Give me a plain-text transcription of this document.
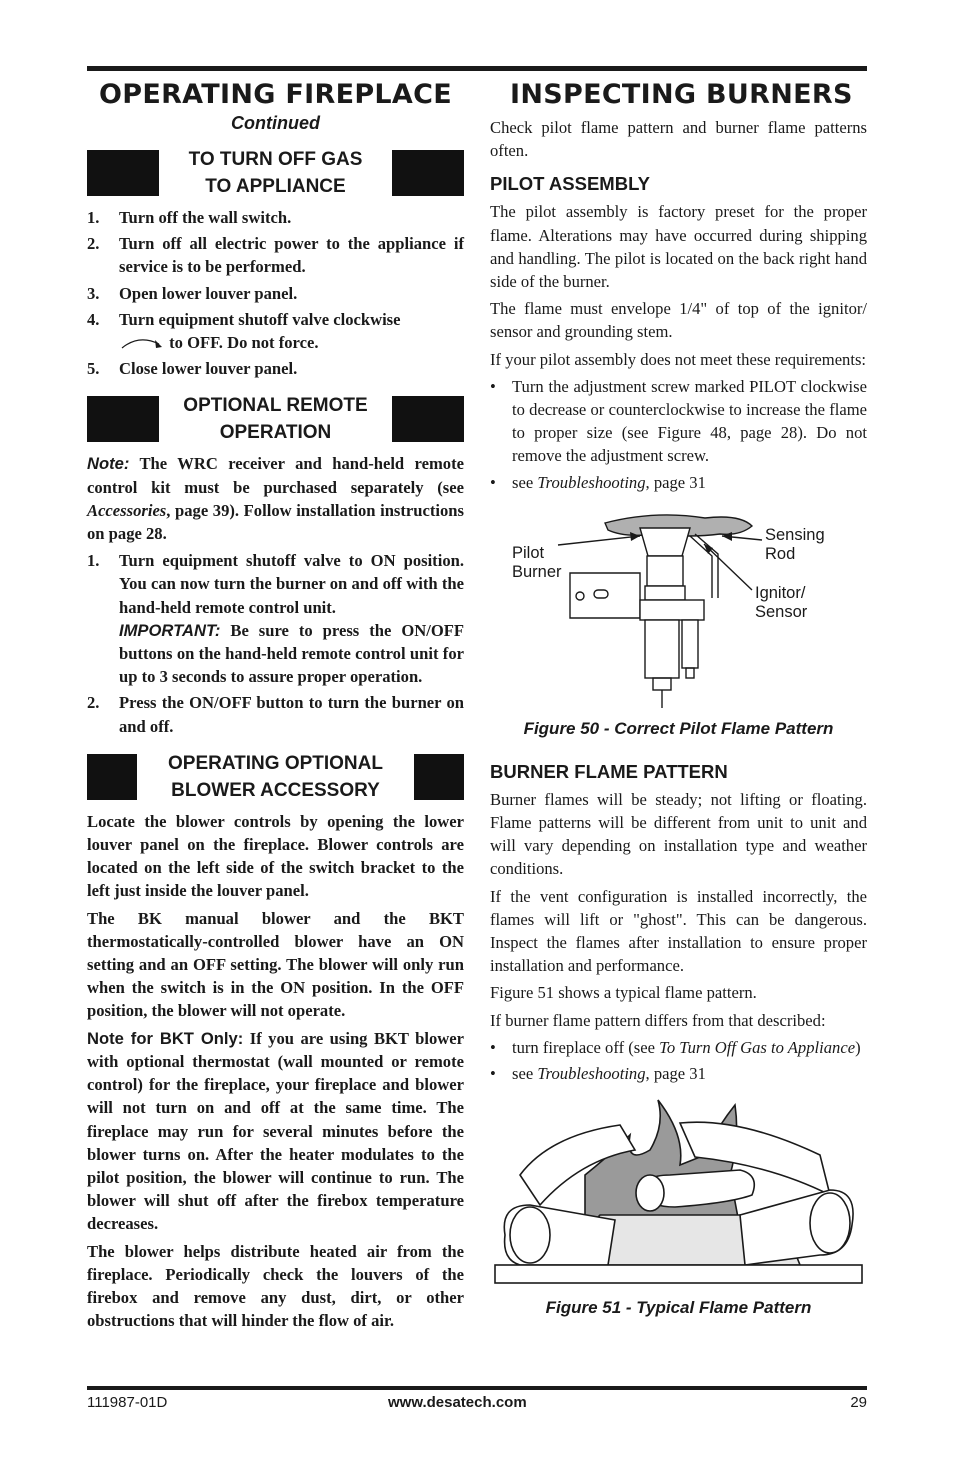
OPERATING FIREPLACE
Continued
TO TURN OFF GAS
TO APPLIANCE
1. Turn off the wall switch.
2. Turn off all electric power to the appliance if service is to be performed.
3. Open lower louver panel.
4. Turn equipment shutoff valve clockwise
to OFF. Do not force.
5. Close lower louver panel.
OPTIONAL REMOTE
OPERATION

Note: The WRC receiver and hand-held remote control kit must be purchased separately (see Accessories, page 39). Follow installation instructions on page 28.

1. Turn equipment shutoff valve to ON position. You can now turn the burner on and off with the hand-held remote control unit.
IMPORTANT: Be sure to press the ON/OFF buttons on the hand-held remote control unit for up to 3 seconds to assure proper operation.
2. Press the ON/OFF button to turn the burner on and off.
OPERATING OPTIONAL
BLOWER ACCESSORY

Locate the blower controls by opening the lower louver panel on the fireplace. Blower controls are located on the left side of the switch bracket to the left just inside the louver panel.

The BK manual blower and the BKT thermostatically-controlled blower have an ON setting and an OFF setting. The blower will only run when the switch is in the ON position. In the OFF position, the blower will not operate.

Note for BKT Only: If you are using BKT blower with optional thermostat (wall mounted or remote control) for the fireplace, your fireplace and blower will not turn on and off at the same time. The fireplace may run for several minutes before the blower turns on. After the heater modulates to the pilot position, the blower will continue to run. The blower will shut off after the firebox temperature decreases.

The blower helps distribute heated air from the fireplace. Periodically check the louvers of the firebox and remove any dust, dirt, or other obstructions that will hinder the flow of air.

INSPECTING BURNERS

Check pilot flame pattern and burner flame patterns often.

PILOT ASSEMBLY

The pilot assembly is factory preset for the proper flame. Alterations may have occurred during shipping and handling. The pilot is located on the back right hand side of the burner.

The flame must envelope 1/4" of top of the ignitor/ sensor and grounding stem.

If your pilot assembly does not meet these requirements:

• Turn the adjustment screw marked PILOT clockwise to decrease or counterclockwise to increase the flame to proper size (see Figure 48, page 28). Do not remove the adjustment screw.
• see Troubleshooting, page 31
Pilot
Burner
Sensing
Rod
Ignitor/
Sensor
Figure 50 - Correct Pilot Flame Pattern
BURNER FLAME PATTERN

Burner flames will be steady; not lifting or floating. Flame patterns will be different from unit to unit and will vary depending on installation type and weather conditions.

If the vent configuration is installed incorrectly, the flames will lift or "ghost". This can be dangerous. Inspect the flames after installation to ensure proper installation and performance.

Figure 51 shows a typical flame pattern.

If burner flame pattern differs from that described:

• turn fireplace off (see To Turn Off Gas to Appliance)
• see Troubleshooting, page 31
Figure 51 - Typical Flame Pattern
111987-01D	www.desatech.com	29
